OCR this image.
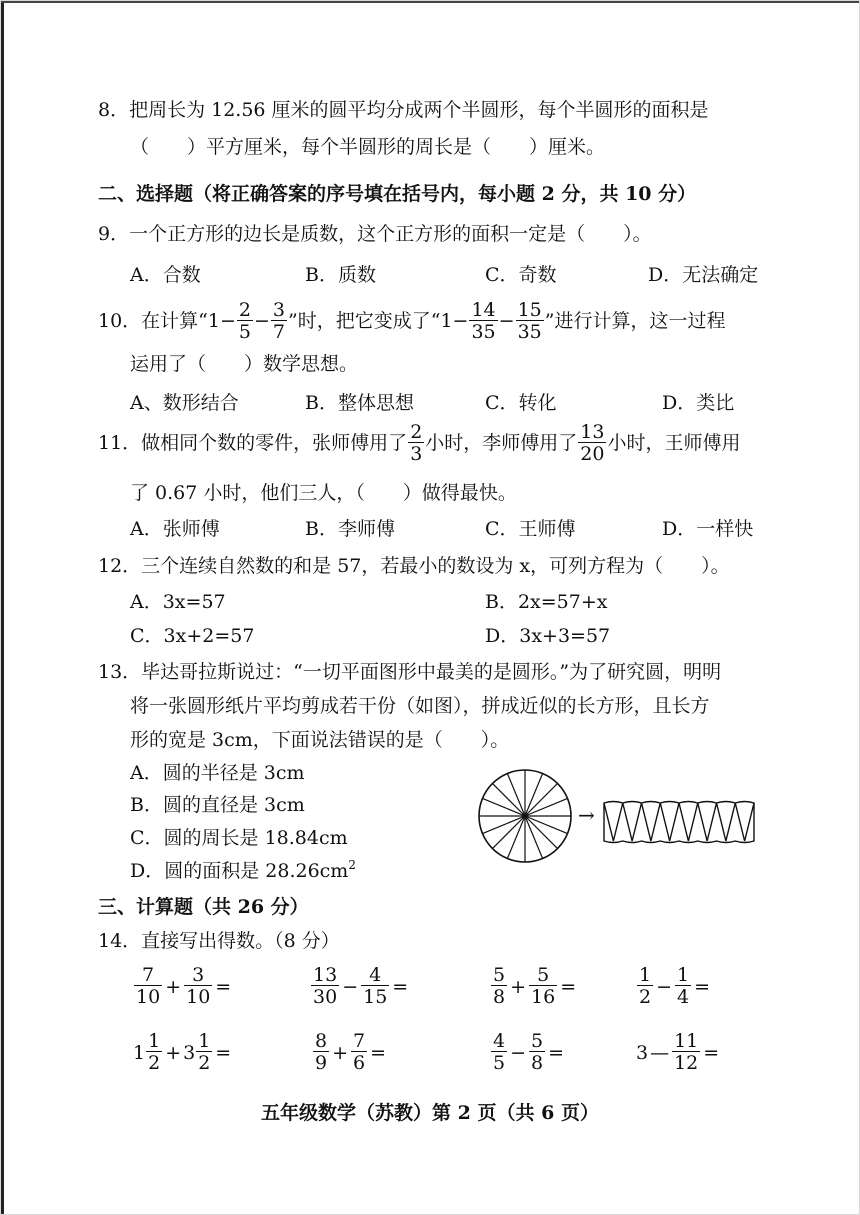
8．把周长为 12.56 厘米的圆平均分成两个半圆形，每个半圆形的面积是
（　　）平方厘米，每个半圆形的周长是（　　）厘米。
二、选择题（将正确答案的序号填在括号内，每小题 2 分，共 10 分）
9．一个正方形的边长是质数，这个正方形的面积一定是（　　）。
A．合数	B．质数	C．奇数	D．无法确定
10．在计算“$1- \frac{2}{5} - \frac{3}{7}$ ”时，把它变成了“$1- \frac{14}{35} - \frac{15}{35}$ ”进行计算，这一过程
运用了（　　）数学思想。
A、数形结合	B．整体思想	C．转化	D．类比
11．做相同个数的零件，张师傅用了 $\frac{2}{3}$ 小时，李师傅用了 $\frac{13}{20}$ 小时，王师傅用
了 0.67 小时，他们三人，（　　）做得最快。
A．张师傅	B．李师傅	C．王师傅	D．一样快
12．三个连续自然数的和是 57，若最小的数设为 x，可列方程为（　　）。
A．3x=57	B．2x=57+x
C．3x+2=57	D．3x+3=57
13．毕达哥拉斯说过：“一切平面图形中最美的是圆形。”为了研究圆，明明
将一张圆形纸片平均剪成若干份（如图），拼成近似的长方形，且长方
形的宽是 3cm，下面说法错误的是（　　）。
A．圆的半径是 3cm
B．圆的直径是 3cm
C．圆的周长是 18.84cm
D．圆的面积是 $28.26cm^2$
→
三、计算题（共 26 分）
14．直接写出得数。（8 分）
$\frac{7}{10} + \frac{3}{10}$ =	$\frac{13}{30} - \frac{4}{15}$ =	$\frac{5}{8} + \frac{5}{16}$ =	$\frac{1}{2} - \frac{1}{4}$ =
$1 \frac{1}{2} + 3 \frac{1}{2}$ =	$\frac{8}{9} + \frac{7}{6}$ =	$\frac{4}{5} - \frac{5}{8}$ =	3 — $\frac{11}{12}$ =
五年级数学（苏教）第 2 页（共 6 页）
